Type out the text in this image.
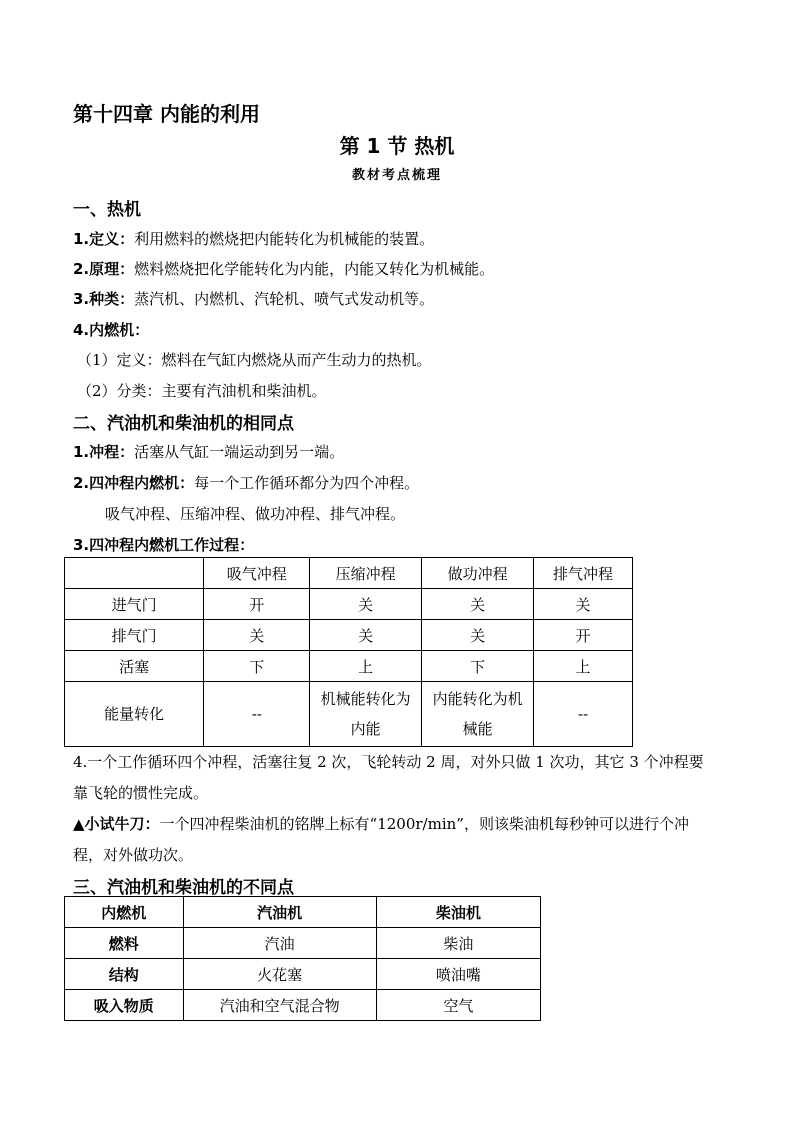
第十四章 内能的利用
第 1 节 热机
教材考点梳理
一、热机
1.定义：利用燃料的燃烧把内能转化为机械能的装置。
2.原理：燃料燃烧把化学能转化为内能，内能又转化为机械能。
3.种类：蒸汽机、内燃机、汽轮机、喷气式发动机等。
4.内燃机：
（1）定义：燃料在气缸内燃烧从而产生动力的热机。
（2）分类：主要有汽油机和柴油机。
二、汽油机和柴油机的相同点
1.冲程：活塞从气缸一端运动到另一端。
2.四冲程内燃机：每一个工作循环都分为四个冲程。
吸气冲程、压缩冲程、做功冲程、排气冲程。
3.四冲程内燃机工作过程：
	吸气冲程	压缩冲程	做功冲程	排气冲程
进气门	开	关	关	关
排气门	关	关	关	开
活塞	下	上	下	上
能量转化	--	机械能转化为内能	内能转化为机械能	--
4.一个工作循环四个冲程，活塞往复 2 次，飞轮转动 2 周，对外只做 1 次功，其它 3 个冲程要
靠飞轮的惯性完成。
▲小试牛刀：一个四冲程柴油机的铭牌上标有“1200r/min”，则该柴油机每秒钟可以进行个冲
程，对外做功次。
三、汽油机和柴油机的不同点
内燃机	汽油机	柴油机
燃料	汽油	柴油
结构	火花塞	喷油嘴
吸入物质	汽油和空气混合物	空气
